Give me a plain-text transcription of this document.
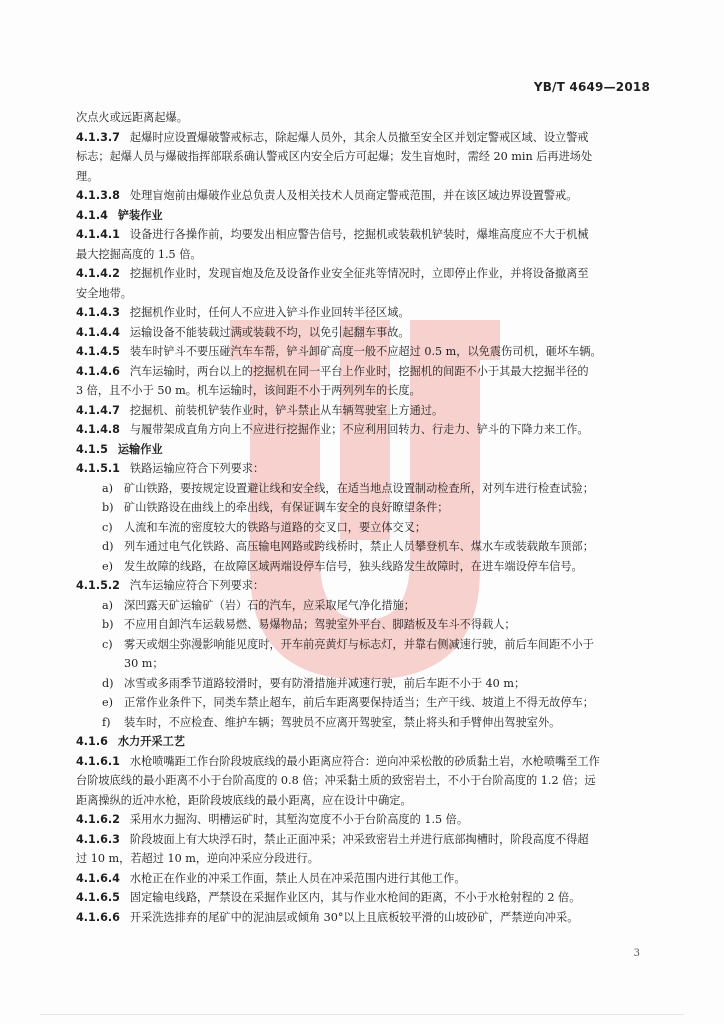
YB/T 4649—2018
次点火或远距离起爆。
4.1.3.7 起爆时应设置爆破警戒标志，除起爆人员外，其余人员撤至安全区并划定警戒区域、设立警戒
标志；起爆人员与爆破指挥部联系确认警戒区内安全后方可起爆；发生盲炮时，需经 20 min 后再进场处
理。
4.1.3.8 处理盲炮前由爆破作业总负责人及相关技术人员商定警戒范围，并在该区域边界设置警戒。
4.1.4 铲装作业
4.1.4.1 设备进行各操作前，均要发出相应警告信号，挖掘机或装载机铲装时，爆堆高度应不大于机械
最大挖掘高度的 1.5 倍。
4.1.4.2 挖掘机作业时，发现盲炮及危及设备作业安全征兆等情况时，立即停止作业，并将设备撤离至
安全地带。
4.1.4.3 挖掘机作业时，任何人不应进入铲斗作业回转半径区域。
4.1.4.4 运输设备不能装载过满或装载不均，以免引起翻车事故。
4.1.4.5 装车时铲斗不要压碰汽车车帮，铲斗卸矿高度一般不应超过 0.5 m，以免震伤司机，砸坏车辆。
4.1.4.6 汽车运输时，两台以上的挖掘机在同一平台上作业时，挖掘机的间距不小于其最大挖掘半径的
3 倍，且不小于 50 m。机车运输时，该间距不小于两列列车的长度。
4.1.4.7 挖掘机、前装机铲装作业时，铲斗禁止从车辆驾驶室上方通过。
4.1.4.8 与履带架成直角方向上不应进行挖掘作业；不应利用回转力、行走力、铲斗的下降力来工作。
4.1.5 运输作业
4.1.5.1 铁路运输应符合下列要求：
a) 矿山铁路，要按规定设置避让线和安全线，在适当地点设置制动检查所，对列车进行检查试验；
b) 矿山铁路设在曲线上的牵出线，有保证调车安全的良好瞭望条件；
c) 人流和车流的密度较大的铁路与道路的交叉口，要立体交叉；
d) 列车通过电气化铁路、高压输电网路或跨线桥时，禁止人员攀登机车、煤水车或装载敞车顶部；
e) 发生故障的线路，在故障区域两端设停车信号，独头线路发生故障时，在进车端设停车信号。
4.1.5.2 汽车运输应符合下列要求：
a) 深凹露天矿运输矿（岩）石的汽车，应采取尾气净化措施；
b) 不应用自卸汽车运载易燃、易爆物品；驾驶室外平台、脚踏板及车斗不得载人；
c) 雾天或烟尘弥漫影响能见度时，开车前亮黄灯与标志灯，并靠右侧减速行驶，前后车间距不小于
30 m；
d) 冰雪或多雨季节道路较滑时，要有防滑措施并减速行驶，前后车距不小于 40 m；
e) 正常作业条件下，同类车禁止超车，前后车距离要保持适当；生产干线、坡道上不得无故停车；
f) 装车时，不应检查、维护车辆；驾驶员不应离开驾驶室，禁止将头和手臂伸出驾驶室外。
4.1.6 水力开采工艺
4.1.6.1 水枪喷嘴距工作台阶段坡底线的最小距离应符合：逆向冲采松散的砂质黏土岩，水枪喷嘴至工作
台阶坡底线的最小距离不小于台阶高度的 0.8 倍；冲采黏土质的致密岩土，不小于台阶高度的 1.2 倍；远
距离操纵的近冲水枪，距阶段坡底线的最小距离，应在设计中确定。
4.1.6.2 采用水力掘沟、明槽运矿时，其堑沟宽度不小于台阶高度的 1.5 倍。
4.1.6.3 阶段坡面上有大块浮石时，禁止正面冲采；冲采致密岩土并进行底部掏槽时，阶段高度不得超
过 10 m，若超过 10 m，逆向冲采应分段进行。
4.1.6.4 水枪正在作业的冲采工作面，禁止人员在冲采范围内进行其他工作。
4.1.6.5 固定输电线路，严禁设在采掘作业区内，其与作业水枪间的距离，不小于水枪射程的 2 倍。
4.1.6.6 开采洗选排弃的尾矿中的泥油层或倾角 30°以上且底板较平滑的山坡砂矿，严禁逆向冲采。
3
